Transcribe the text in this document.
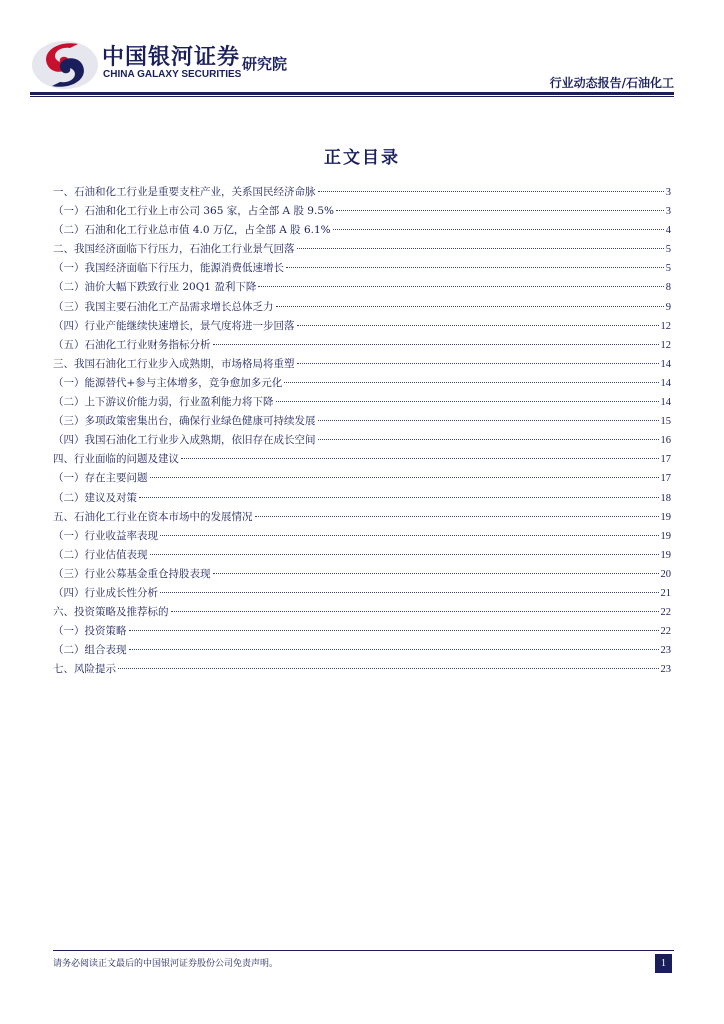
中国银河证券
CHINA GALAXY SECURITIES
研究院
行业动态报告/石油化工
正文目录
一、石油和化工行业是重要支柱产业，关系国民经济命脉	3
（一）石油和化工行业上市公司 365 家，占全部 A 股 9.5%	3
（二）石油和化工行业总市值 4.0 万亿，占全部 A 股 6.1%	4
二、我国经济面临下行压力，石油化工行业景气回落	5
（一）我国经济面临下行压力，能源消费低速增长	5
（二）油价大幅下跌致行业 20Q1 盈利下降	8
（三）我国主要石油化工产品需求增长总体乏力	9
（四）行业产能继续快速增长，景气度将进一步回落	12
（五）石油化工行业财务指标分析	12
三、我国石油化工行业步入成熟期，市场格局将重塑	14
（一）能源替代+参与主体增多，竞争愈加多元化	14
（二）上下游议价能力弱，行业盈利能力将下降	14
（三）多项政策密集出台，确保行业绿色健康可持续发展	15
（四）我国石油化工行业步入成熟期，依旧存在成长空间	16
四、行业面临的问题及建议	17
（一）存在主要问题	17
（二）建议及对策	18
五、石油化工行业在资本市场中的发展情况	19
（一）行业收益率表现	19
（二）行业估值表现	19
（三）行业公募基金重仓持股表现	20
（四）行业成长性分析	21
六、投资策略及推荐标的	22
（一）投资策略	22
（二）组合表现	23
七、风险提示	23
请务必阅读正文最后的中国银河证券股份公司免责声明。	1
